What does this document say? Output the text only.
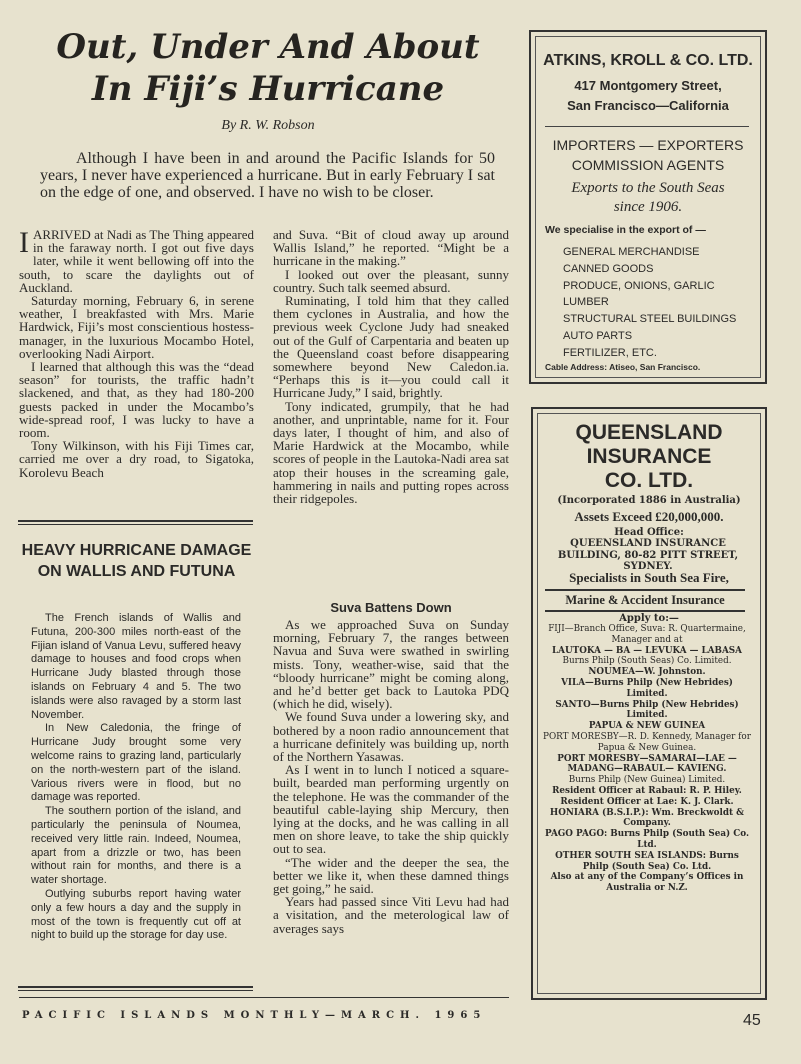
Out, Under And About
In Fiji’s Hurricane
By R. W. Robson

Although I have been in and around the Pacific Islands for 50 years, I never have experienced a hurricane. But in early February I sat on the edge of one, and observed. I have no wish to be closer.

I ARRIVED at Nadi as The Thing appeared in the faraway north. I got out five days later, while it went bellowing off into the south, to scare the daylights out of Auckland.

Saturday morning, February 6, in serene weather, I breakfasted with Mrs. Marie Hardwick, Fiji’s most conscientious hostess-manager, in the luxurious Mocambo Hotel, overlooking Nadi Airport.

I learned that although this was the “dead season” for tourists, the traffic hadn’t slackened, and that, as they had 180-200 guests packed in under the Mocambo’s wide-spread roof, I was lucky to have a room.

Tony Wilkinson, with his Fiji Times car, carried me over a dry road, to Sigatoka, Korolevu Beach

HEAVY HURRICANE DAMAGE ON WALLIS AND FUTUNA

The French islands of Wallis and Futuna, 200-300 miles north-east of the Fijian island of Vanua Levu, suffered heavy damage to houses and food crops when Hurricane Judy blasted through those islands on February 4 and 5. The two islands were also ravaged by a storm last November.

In New Caledonia, the fringe of Hurricane Judy brought some very welcome rains to grazing land, particularly on the north-western part of the island. Various rivers were in flood, but no damage was reported.

The southern portion of the island, and particularly the peninsula of Noumea, received very little rain. Indeed, Noumea, apart from a drizzle or two, has been without rain for months, and there is a water shortage.

Outlying suburbs report having water only a few hours a day and the supply in most of the town is frequently cut off at night to build up the storage for day use.

and Suva. “Bit of cloud away up around Wallis Island,” he reported. “Might be a hurricane in the making.”

I looked out over the pleasant, sunny country. Such talk seemed absurd.

Ruminating, I told him that they called them cyclones in Australia, and how the previous week Cyclone Judy had sneaked out of the Gulf of Carpentaria and beaten up the Queensland coast before disappearing somewhere beyond New Caledon.ia. “Perhaps this is it—you could call it Hurricane Judy,” I said, brightly.

Tony indicated, grumpily, that he had another, and unprintable, name for it. Four days later, I thought of him, and also of Marie Hardwick at the Mocambo, while scores of people in the Lautoka-Nadi area sat atop their houses in the screaming gale, hammering in nails and putting ropes across their ridgepoles.

Suva Battens Down

As we approached Suva on Sunday morning, February 7, the ranges between Navua and Suva were swathed in swirling mists. Tony, weather-wise, said that the “bloody hurricane” might be coming along, and he’d better get back to Lautoka PDQ (which he did, wisely).

We found Suva under a lowering sky, and bothered by a noon radio announcement that a hurricane definitely was building up, north of the Northern Yasawas.

As I went in to lunch I noticed a square-built, bearded man performing urgently on the telephone. He was the commander of the beautiful cable-laying ship Mercury, then lying at the docks, and he was calling in all men on shore leave, to take the ship quickly out to sea.

“The wider and the deeper the sea, the better we like it, when these damned things get going,” he said.

Years had passed since Viti Levu had had a visitation, and the meterological law of averages says

ATKINS, KROLL & CO. LTD.
417 Montgomery Street,
San Francisco—California
IMPORTERS — EXPORTERS
COMMISSION AGENTS
Exports to the South Seas
since 1906.
We specialise in the export of —
GENERAL MERCHANDISE
CANNED GOODS
PRODUCE, ONIONS, GARLIC
LUMBER
STRUCTURAL STEEL BUILDINGS
AUTO PARTS
FERTILIZER, ETC.
Cable Address: Atiseo, San Francisco.
QUEENSLAND
INSURANCE
CO. LTD.
(Incorporated 1886 in Australia)
Assets Exceed £20,000,000.
Head Office:
QUEENSLAND INSURANCE BUILDING, 80-82 PITT STREET, SYDNEY.
Specialists in South Sea Fire,
Marine & Accident Insurance
Apply to:—
FIJI—Branch Office, Suva: R. Quartermaine, Manager and at
LAUTOKA — BA — LEVUKA — LABASA
Burns Philp (South Seas) Co. Limited.
NOUMEA—W. Johnston.
VILA—Burns Philp (New Hebrides) Limited.
SANTO—Burns Philp (New Hebrides) Limited.
PAPUA & NEW GUINEA
PORT MORESBY—R. D. Kennedy, Manager for Papua & New Guinea.
PORT MORESBY—SAMARAI—LAE —MADANG—RABAUL— KAVIENG.
Burns Philp (New Guinea) Limited.
Resident Officer at Rabaul: R. P. Hiley.
Resident Officer at Lae: K. J. Clark.
HONIARA (B.S.I.P.): Wm. Breckwoldt & Company.
PAGO PAGO: Burns Philp (South Sea) Co. Ltd.
OTHER SOUTH SEA ISLANDS: Burns Philp (South Sea) Co. Ltd.
Also at any of the Company’s Offices in Australia or N.Z.
PACIFIC ISLANDS MONTHLY—MARCH. 1965	45
